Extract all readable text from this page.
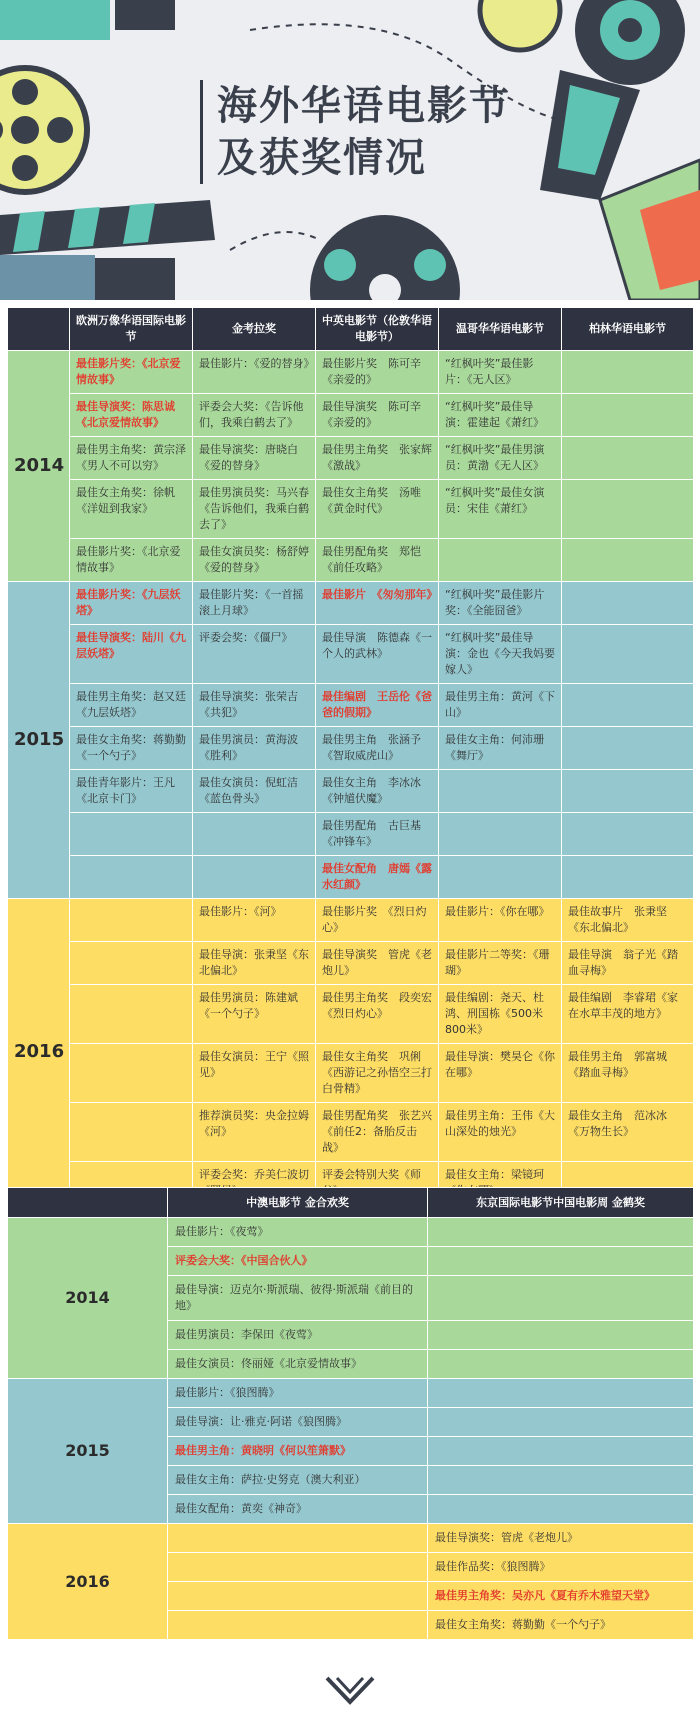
海外华语电影节
及获奖情况
	欧洲万像华语国际电影节	金考拉奖	中英电影节（伦敦华语电影节）	温哥华华语电影节	柏林华语电影节
2014	最佳影片奖：《北京爱情故事》	最佳影片：《爱的替身》	最佳影片奖　陈可辛《亲爱的》	“红枫叶奖”最佳影片：《无人区》	
	最佳导演奖：陈思诚《北京爱情故事》	评委会大奖：《告诉他们，我乘白鹤去了》	最佳导演奖　陈可辛《亲爱的》	“红枫叶奖”最佳导演：霍建起《萧红》	
	最佳男主角奖：黄宗泽《男人不可以穷》	最佳导演奖：唐晓白《爱的替身》	最佳男主角奖　张家辉《激战》	“红枫叶奖”最佳男演员：黄渤《无人区》	
	最佳女主角奖：徐帆《洋妞到我家》	最佳男演员奖：马兴春《告诉他们，我乘白鹤去了》	最佳女主角奖　汤唯《黄金时代》	“红枫叶奖”最佳女演员：宋佳《萧红》	
	最佳影片奖：《北京爱情故事》	最佳女演员奖：杨舒婷《爱的替身》	最佳男配角奖　郑恺《前任攻略》		
2015	最佳影片奖：《九层妖塔》	最佳影片奖：《一首摇滚上月球》	最佳影片　《匆匆那年》	“红枫叶奖”最佳影片奖：《全能囧爸》	
	最佳导演奖：陆川《九层妖塔》	评委会奖：《僵尸》	最佳导演　陈德森《一个人的武林》	“红枫叶奖”最佳导演：金也《今天我妈要嫁人》	
	最佳男主角奖：赵又廷《九层妖塔》	最佳导演奖：张荣吉《共犯》	最佳编剧　王岳伦《爸爸的假期》	最佳男主角：黄河《下山》	
	最佳女主角奖：蒋勤勤《一个勺子》	最佳男演员：黄海波《胜利》	最佳男主角　张涵予《智取威虎山》	最佳女主角：何沛珊《舞厅》	
	最佳青年影片：王凡《北京卡门》	最佳女演员：倪虹洁《蓝色骨头》	最佳女主角　李冰冰《钟馗伏魔》		
			最佳男配角　古巨基《冲锋车》		
			最佳女配角　唐嫣《露水红颜》		
2016		最佳影片：《河》	最佳影片奖　《烈日灼心》	最佳影片：《你在哪》	最佳故事片　张秉坚《东北偏北》
		最佳导演：张秉坚《东北偏北》	最佳导演奖　管虎《老炮儿》	最佳影片二等奖：《珊瑚》	最佳导演　翁子光《踏血寻梅》
		最佳男演员：陈建斌《一个勺子》	最佳男主角奖　段奕宏《烈日灼心》	最佳编剧：尧天、杜鸿、刑国栋《500米800米》	最佳编剧　李睿珺《家在水草丰茂的地方》
		最佳女演员：王宁《照见》	最佳女主角奖　巩俐《西游记之孙悟空三打白骨精》	最佳导演：樊昊仑《你在哪》	最佳男主角　郭富城《踏血寻梅》
		推荐演员奖：央金拉姆《河》	最佳男配角奖　张艺兴《前任2：备胎反击战》	最佳男主角：王伟《大山深处的烛光》	最佳女主角　范冰冰《万物生长》
		评委会奖：乔美仁波切	评委会特别大奖《师	最佳女主角：梁镜珂	
	中澳电影节 金合欢奖	东京国际电影节中国电影周 金鹤奖
2014	最佳影片：《夜莺》	
	评委会大奖：《中国合伙人》	
	最佳导演：迈克尔·斯派瑞、彼得·斯派瑞《前目的地》	
	最佳男演员：李保田《夜莺》	
	最佳女演员：佟丽娅《北京爱情故事》	
2015	最佳影片：《狼图腾》	
	最佳导演：让·雅克·阿诺《狼图腾》	
	最佳男主角：黄晓明《何以笙箫默》	
	最佳女主角：萨拉·史努克（澳大利亚）	
	最佳女配角：黄奕《神奇》	
2016		最佳导演奖：管虎《老炮儿》
		最佳作品奖：《狼图腾》
		最佳男主角奖：吴亦凡《夏有乔木雅望天堂》
		最佳女主角奖：蒋勤勤《一个勺子》
